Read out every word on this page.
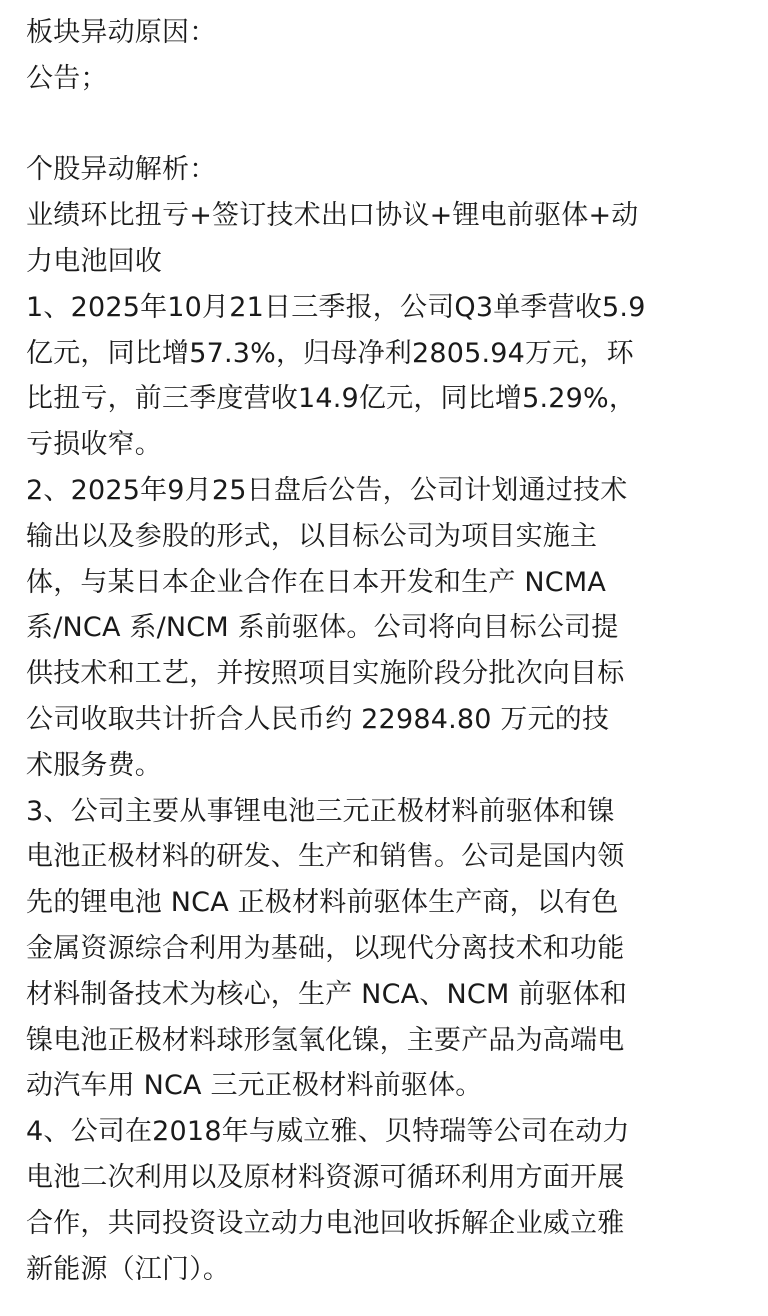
板块异动原因：
公告；
个股异动解析：
业绩环比扭亏+签订技术出口协议+锂电前驱体+动
力电池回收
1、2025年10月21日三季报，公司Q3单季营收5.9
亿元，同比增57.3%，归母净利2805.94万元，环
比扭亏，前三季度营收14.9亿元，同比增5.29%，
亏损收窄。
2、2025年9月25日盘后公告，公司计划通过技术
输出以及参股的形式，以目标公司为项目实施主
体，与某日本企业合作在日本开发和生产 NCMA
系/NCA 系/NCM 系前驱体。公司将向目标公司提
供技术和工艺，并按照项目实施阶段分批次向目标
公司收取共计折合人民币约 22984.80 万元的技
术服务费。
3、公司主要从事锂电池三元正极材料前驱体和镍
电池正极材料的研发、生产和销售。公司是国内领
先的锂电池 NCA 正极材料前驱体生产商，以有色
金属资源综合利用为基础，以现代分离技术和功能
材料制备技术为核心，生产 NCA、NCM 前驱体和
镍电池正极材料球形氢氧化镍，主要产品为高端电
动汽车用 NCA 三元正极材料前驱体。
4、公司在2018年与威立雅、贝特瑞等公司在动力
电池二次利用以及原材料资源可循环利用方面开展
合作，共同投资设立动力电池回收拆解企业威立雅
新能源（江门）。
